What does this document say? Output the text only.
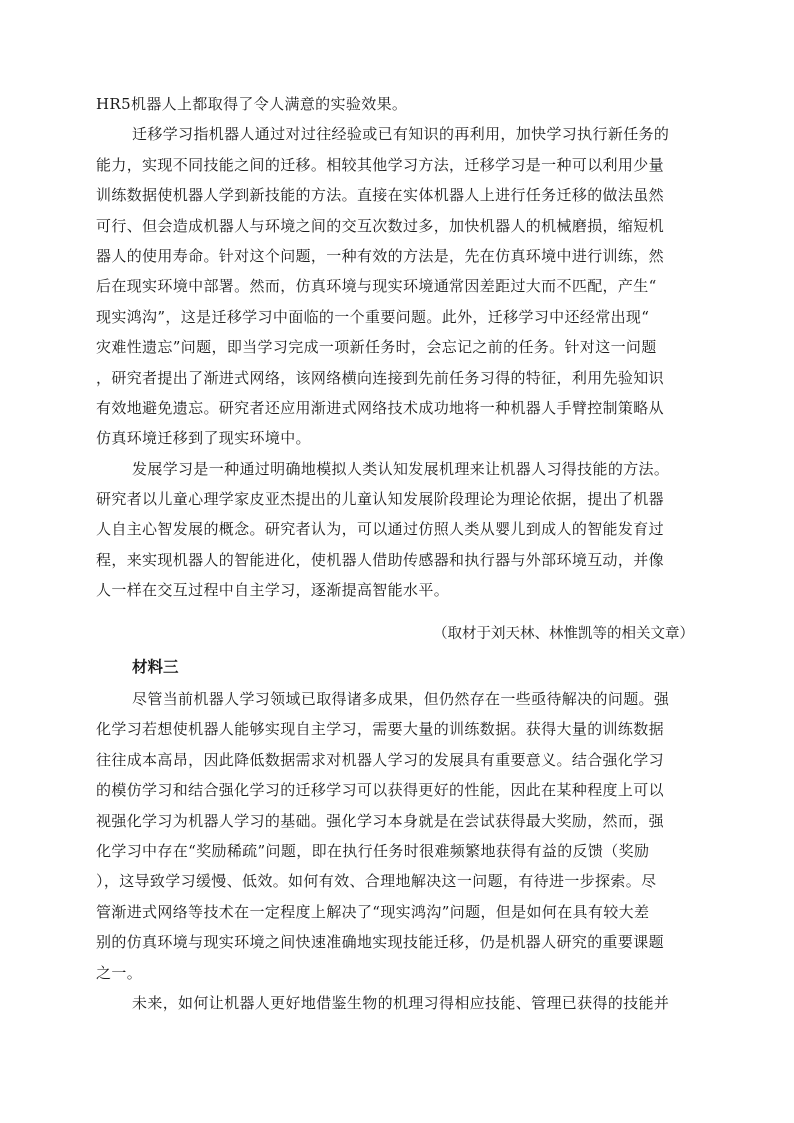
HR5机器人上都取得了令人满意的实验效果。
迁移学习指机器人通过对过往经验或已有知识的再利用，加快学习执行新任务的
能力，实现不同技能之间的迁移。相较其他学习方法，迁移学习是一种可以利用少量
训练数据使机器人学到新技能的方法。直接在实体机器人上进行任务迁移的做法虽然
可行、但会造成机器人与环境之间的交互次数过多，加快机器人的机械磨损，缩短机
器人的使用寿命。针对这个问题，一种有效的方法是，先在仿真环境中进行训练，然
后在现实环境中部署。然而，仿真环境与现实环境通常因差距过大而不匹配，产生“
现实鸿沟”，这是迁移学习中面临的一个重要问题。此外，迁移学习中还经常出现“
灾难性遗忘”问题，即当学习完成一项新任务时，会忘记之前的任务。针对这一问题
，研究者提出了渐进式网络，该网络横向连接到先前任务习得的特征，利用先验知识
有效地避免遗忘。研究者还应用渐进式网络技术成功地将一种机器人手臂控制策略从
仿真环境迁移到了现实环境中。
发展学习是一种通过明确地模拟人类认知发展机理来让机器人习得技能的方法。
研究者以儿童心理学家皮亚杰提出的儿童认知发展阶段理论为理论依据，提出了机器
人自主心智发展的概念。研究者认为，可以通过仿照人类从婴儿到成人的智能发育过
程，来实现机器人的智能进化，使机器人借助传感器和执行器与外部环境互动，并像
人一样在交互过程中自主学习，逐渐提高智能水平。
（取材于刘天林、林惟凯等的相关文章）
材料三
尽管当前机器人学习领域已取得诸多成果，但仍然存在一些亟待解决的问题。强
化学习若想使机器人能够实现自主学习，需要大量的训练数据。获得大量的训练数据
往往成本高昂，因此降低数据需求对机器人学习的发展具有重要意义。结合强化学习
的模仿学习和结合强化学习的迁移学习可以获得更好的性能，因此在某种程度上可以
视强化学习为机器人学习的基础。强化学习本身就是在尝试获得最大奖励，然而，强
化学习中存在“奖励稀疏”问题，即在执行任务时很难频繁地获得有益的反馈（奖励
），这导致学习缓慢、低效。如何有效、合理地解决这一问题，有待进一步探索。尽
管渐进式网络等技术在一定程度上解决了“现实鸿沟”问题，但是如何在具有较大差
别的仿真环境与现实环境之间快速准确地实现技能迁移，仍是机器人研究的重要课题
之一。
未来，如何让机器人更好地借鉴生物的机理习得相应技能、管理已获得的技能并
